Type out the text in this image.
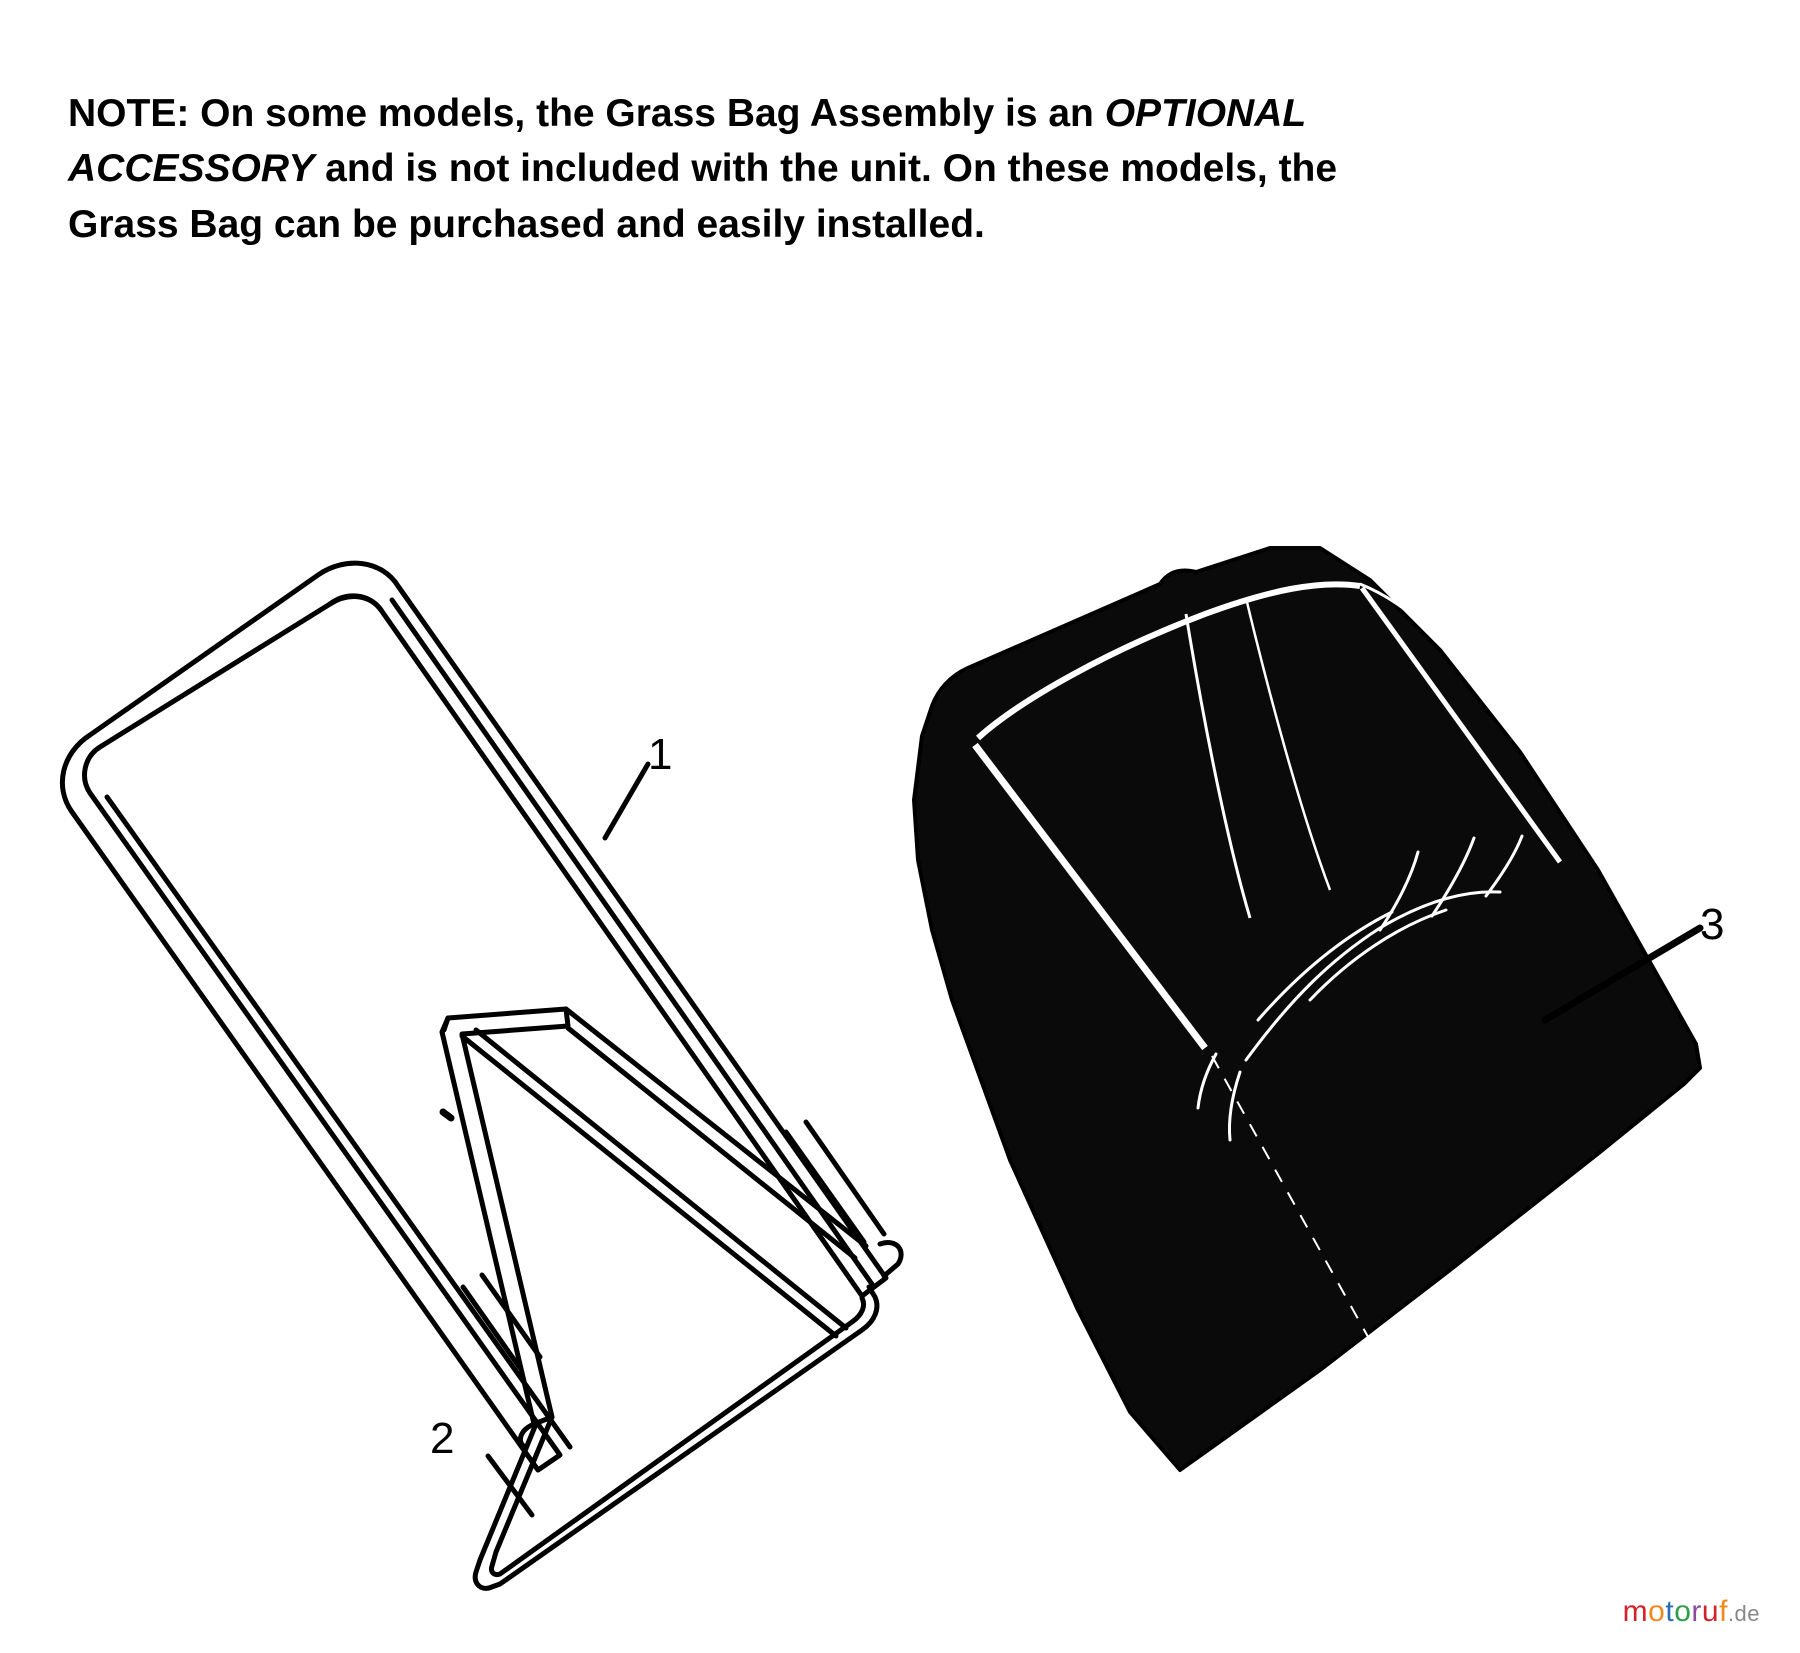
NOTE: On some models, the Grass Bag Assembly is an OPTIONAL
ACCESSORY and is not included with the unit. On these models, the
Grass Bag can be purchased and easily installed.
1
2
3
motoruf.de
